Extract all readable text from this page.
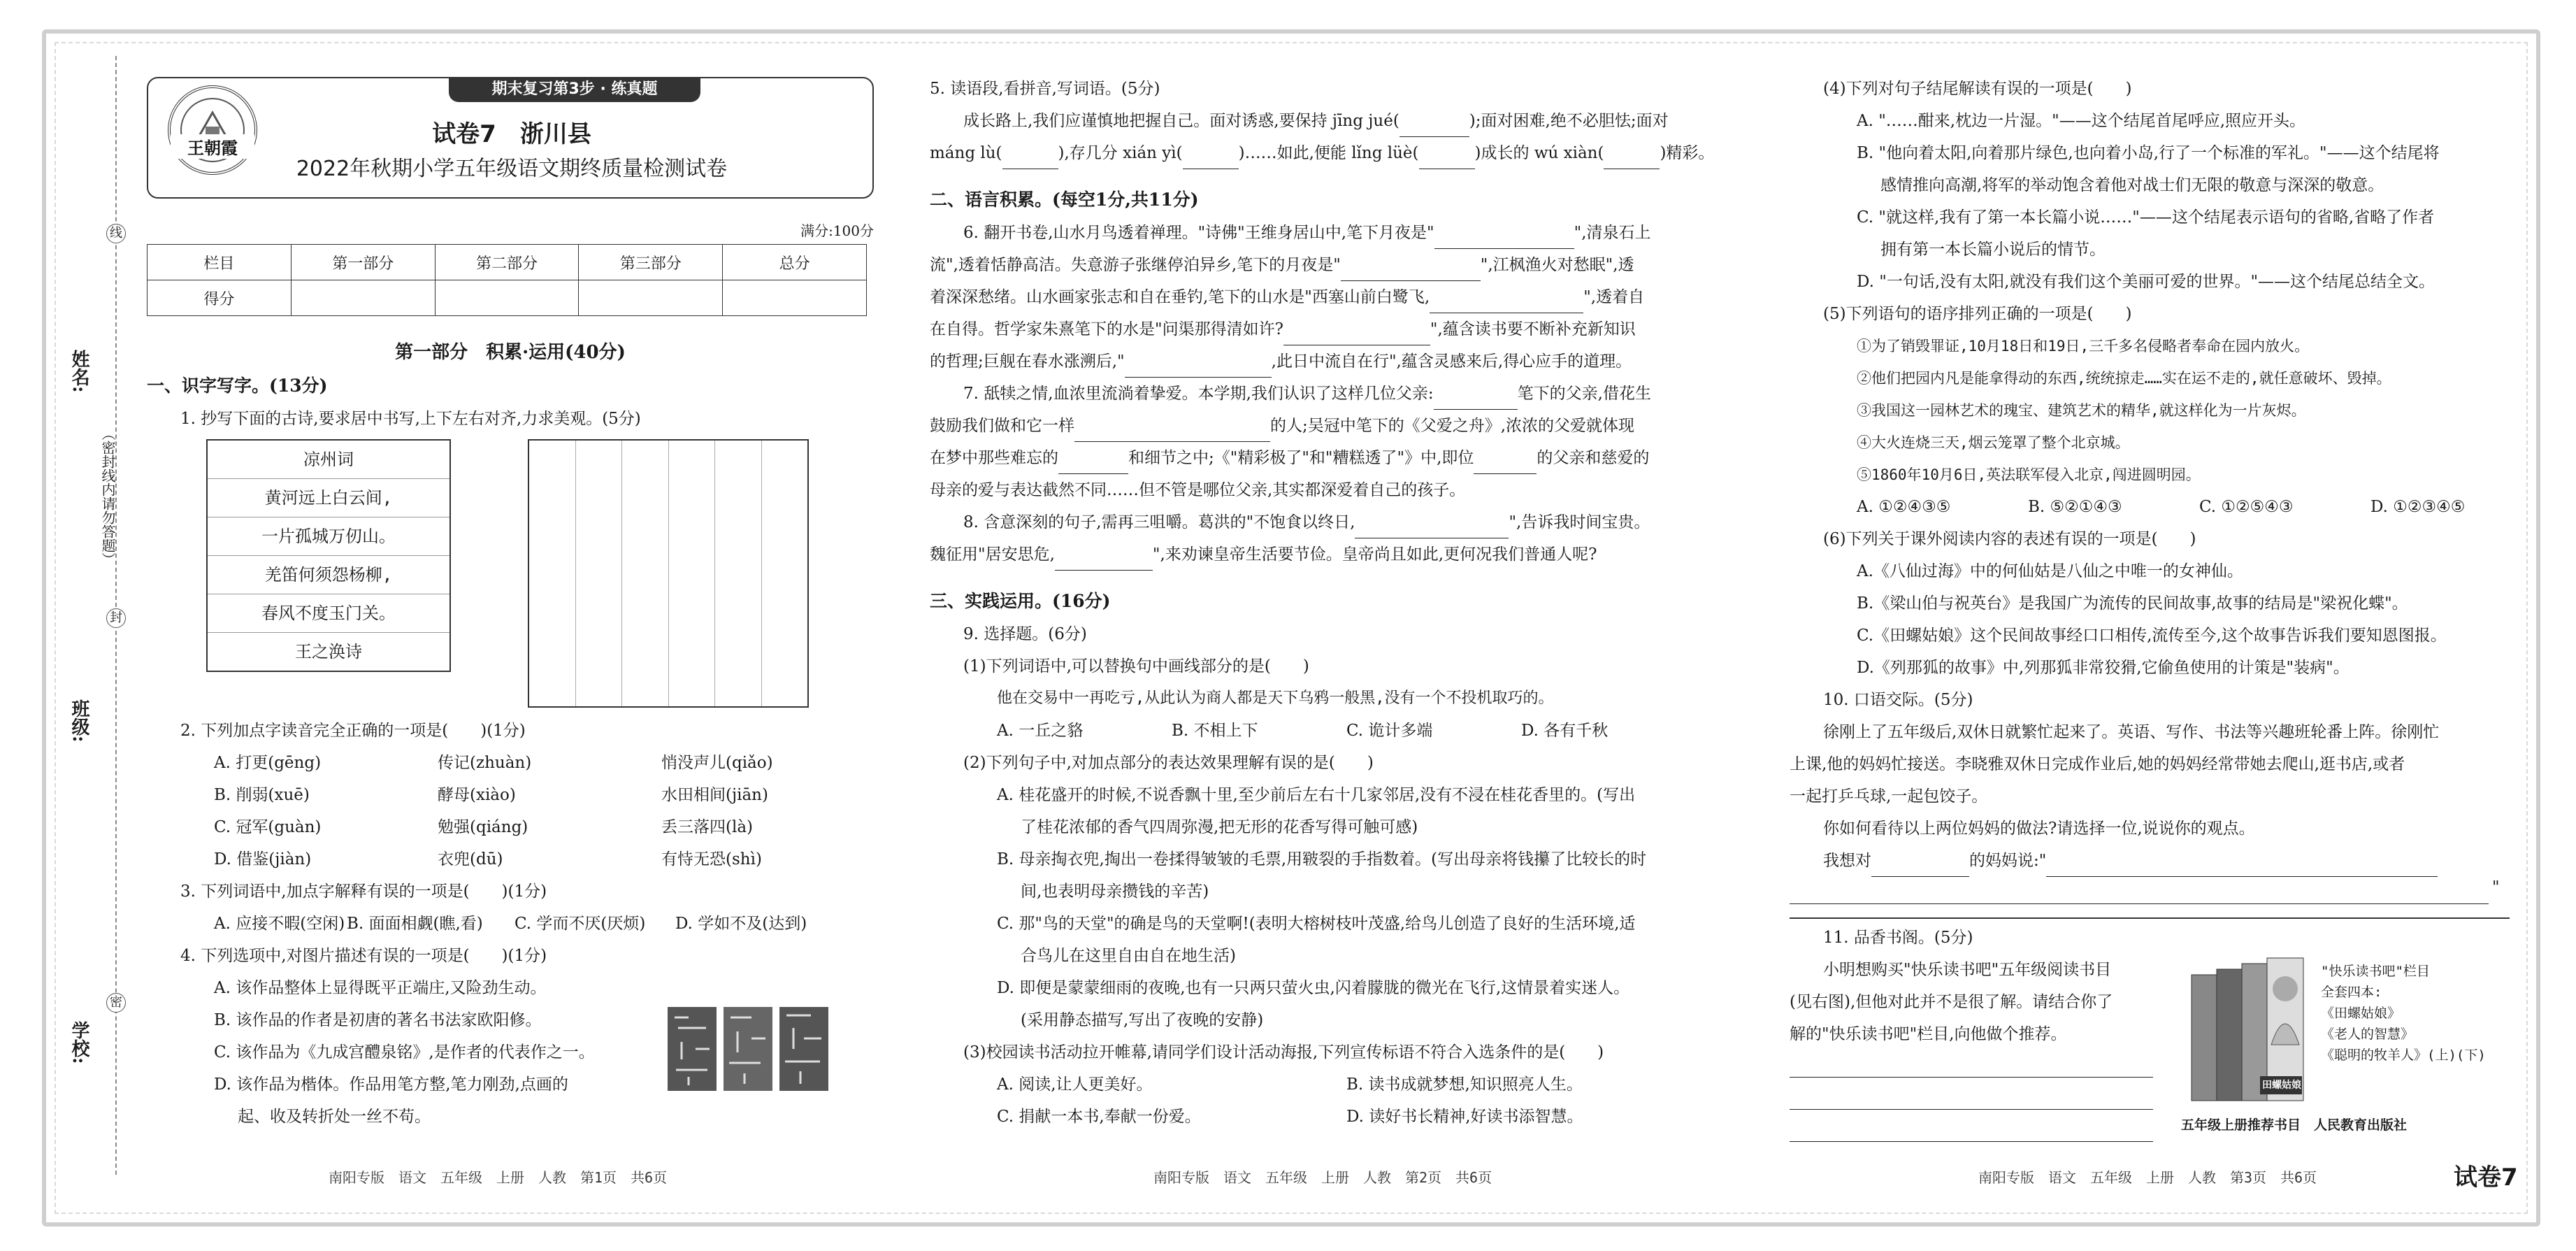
线
封
密
姓名:
班级:
学校:
（密封线内请勿答题）
期末复习第3步 · 练真题
王朝霞	试卷7　浙川县
2022年秋期小学五年级语文期终质量检测试卷
满分:100分
栏目	第一部分	第二部分	第三部分	总分
得分				
第一部分　积累·运用(40分)

一、识字写字。(13分)

1. 抄写下面的古诗,要求居中书写,上下左右对齐,力求美观。(5分)

凉州词
黄河远上白云间,
一片孤城万仞山。
羌笛何须怨杨柳,
春风不度玉门关。
王之涣诗

2. 下列加点字读音完全正确的一项是(　　)(1分)

A. 打更(gēng)	传记(zhuàn)	悄没声儿(qiǎo)
B. 削弱(xuē)	酵母(xiào)	水田相间(jiān)
C. 冠军(guàn)	勉强(qiáng)	丢三落四(là)
D. 借鉴(jiàn)	衣兜(dū)	有恃无恐(shì)

3. 下列词语中,加点字解释有误的一项是(　　)(1分)

A. 应接不暇(空闲) B. 面面相觑(瞧,看)	C. 学而不厌(厌烦)	D. 学如不及(达到)

4. 下列选项中,对图片描述有误的一项是(　　)(1分)

A. 该作品整体上显得既平正端庄,又险劲生动。

B. 该作品的作者是初唐的著名书法家欧阳修。

C. 该作品为《九成宫醴泉铭》,是作者的代表作之一。

D. 该作品为楷体。作品用笔方整,笔力刚劲,点画的

起、收及转折处一丝不苟。

5. 读语段,看拼音,写词语。(5分)

成长路上,我们应谨慎地把握自己。面对诱惑,要保持 jīng jué(	);面对困难,绝不必胆怯;面对

máng lù(	),存几分 xián yì(	)……如此,便能 lǐng lüè(	)成长的 wú xiàn(	)精彩。

二、语言积累。(每空1分,共11分)

6. 翻开书卷,山水月鸟透着禅理。"诗佛"王维身居山中,笔下月夜是"	",清泉石上

流",透着恬静高洁。失意游子张继停泊异乡,笔下的月夜是"	",江枫渔火对愁眠",透

着深深愁绪。山水画家张志和自在垂钓,笔下的山水是"西塞山前白鹭飞,	",透着自

在自得。哲学家朱熹笔下的水是"问渠那得清如许?	",蕴含读书要不断补充新知识

的哲理;巨舰在春水涨溯后,"	,此日中流自在行",蕴含灵感来后,得心应手的道理。

7. 舐犊之情,血浓里流淌着挚爱。本学期,我们认识了这样几位父亲:	笔下的父亲,借花生

鼓励我们做和它一样	的人;吴冠中笔下的《父爱之舟》,浓浓的父爱就体现

在梦中那些难忘的	和细节之中;《"精彩极了"和"糟糕透了"》中,即位	的父亲和慈爱的

母亲的爱与表达截然不同……但不管是哪位父亲,其实都深爱着自己的孩子。

8. 含意深刻的句子,需再三咀嚼。葛洪的"不饱食以终日,	",告诉我时间宝贵。

魏征用"居安思危,	",来劝谏皇帝生活要节俭。皇帝尚且如此,更何况我们普通人呢?

三、实践运用。(16分)

9. 选择题。(6分)

(1)下列词语中,可以替换句中画线部分的是(　　)

他在交易中一再吃亏,从此认为商人都是天下乌鸦一般黑,没有一个不投机取巧的。

A. 一丘之貉	B. 不相上下	C. 诡计多端	D. 各有千秋

(2)下列句子中,对加点部分的表达效果理解有误的是(　　)

A. 桂花盛开的时候,不说香飘十里,至少前后左右十几家邻居,没有不浸在桂花香里的。(写出

了桂花浓郁的香气四周弥漫,把无形的花香写得可触可感)

B. 母亲掏衣兜,掏出一卷揉得皱皱的毛票,用皲裂的手指数着。(写出母亲将钱攥了比较长的时

间,也表明母亲攒钱的辛苦)

C. 那"鸟的天堂"的确是鸟的天堂啊!(表明大榕树枝叶茂盛,给鸟儿创造了良好的生活环境,适

合鸟儿在这里自由自在地生活)

D. 即便是蒙蒙细雨的夜晚,也有一只两只萤火虫,闪着朦胧的微光在飞行,这情景着实迷人。

(采用静态描写,写出了夜晚的安静)

(3)校园读书活动拉开帷幕,请同学们设计活动海报,下列宣传标语不符合入选条件的是(　　)

A. 阅读,让人更美好。	B. 读书成就梦想,知识照亮人生。
C. 捐献一本书,奉献一份爱。	D. 读好书长精神,好读书添智慧。

(4)下列对句子结尾解读有误的一项是(　　)

A. "……酣来,枕边一片湿。"——这个结尾首尾呼应,照应开头。

B. "他向着太阳,向着那片绿色,也向着小岛,行了一个标准的军礼。"——这个结尾将

感情推向高潮,将军的举动饱含着他对战士们无限的敬意与深深的敬意。

C. "就这样,我有了第一本长篇小说……"——这个结尾表示语句的省略,省略了作者

拥有第一本长篇小说后的情节。

D. "一句话,没有太阳,就没有我们这个美丽可爱的世界。"——这个结尾总结全文。

(5)下列语句的语序排列正确的一项是(　　)

①为了销毁罪证,10月18日和19日,三千多名侵略者奉命在园内放火。

②他们把园内凡是能拿得动的东西,统统掠走……实在运不走的,就任意破坏、毁掉。

③我国这一园林艺术的瑰宝、建筑艺术的精华,就这样化为一片灰烬。

④大火连烧三天,烟云笼罩了整个北京城。

⑤1860年10月6日,英法联军侵入北京,闯进圆明园。

A. ①②④③⑤	B. ⑤②①④③	C. ①②⑤④③	D. ①②③④⑤

(6)下列关于课外阅读内容的表述有误的一项是(　　)

A.《八仙过海》中的何仙姑是八仙之中唯一的女神仙。

B.《梁山伯与祝英台》是我国广为流传的民间故事,故事的结局是"梁祝化蝶"。

C.《田螺姑娘》这个民间故事经口口相传,流传至今,这个故事告诉我们要知恩图报。

D.《列那狐的故事》中,列那狐非常狡猾,它偷鱼使用的计策是"装病"。

10. 口语交际。(5分)

徐刚上了五年级后,双休日就繁忙起来了。英语、写作、书法等兴趣班轮番上阵。徐刚忙

上课,他的妈妈忙接送。李晓雅双休日完成作业后,她的妈妈经常带她去爬山,逛书店,或者

一起打乒乓球,一起包饺子。

你如何看待以上两位妈妈的做法?请选择一位,说说你的观点。

我想对	的妈妈说:"

"

11. 品香书阁。(5分)

小明想购买"快乐读书吧"五年级阅读书目

(见右图),但他对此并不是很了解。请结合你了

解的"快乐读书吧"栏目,向他做个推荐。

田螺姑娘
"快乐读书吧"栏目
全套四本:
《田螺姑娘》
《老人的智慧》
《聪明的牧羊人》(上)(下)
五年级上册推荐书目　人民教育出版社
南阳专版　语文　五年级　上册　人教　第1页　共6页	南阳专版　语文　五年级　上册　人教　第2页　共6页	南阳专版　语文　五年级　上册　人教　第3页　共6页	试卷7
